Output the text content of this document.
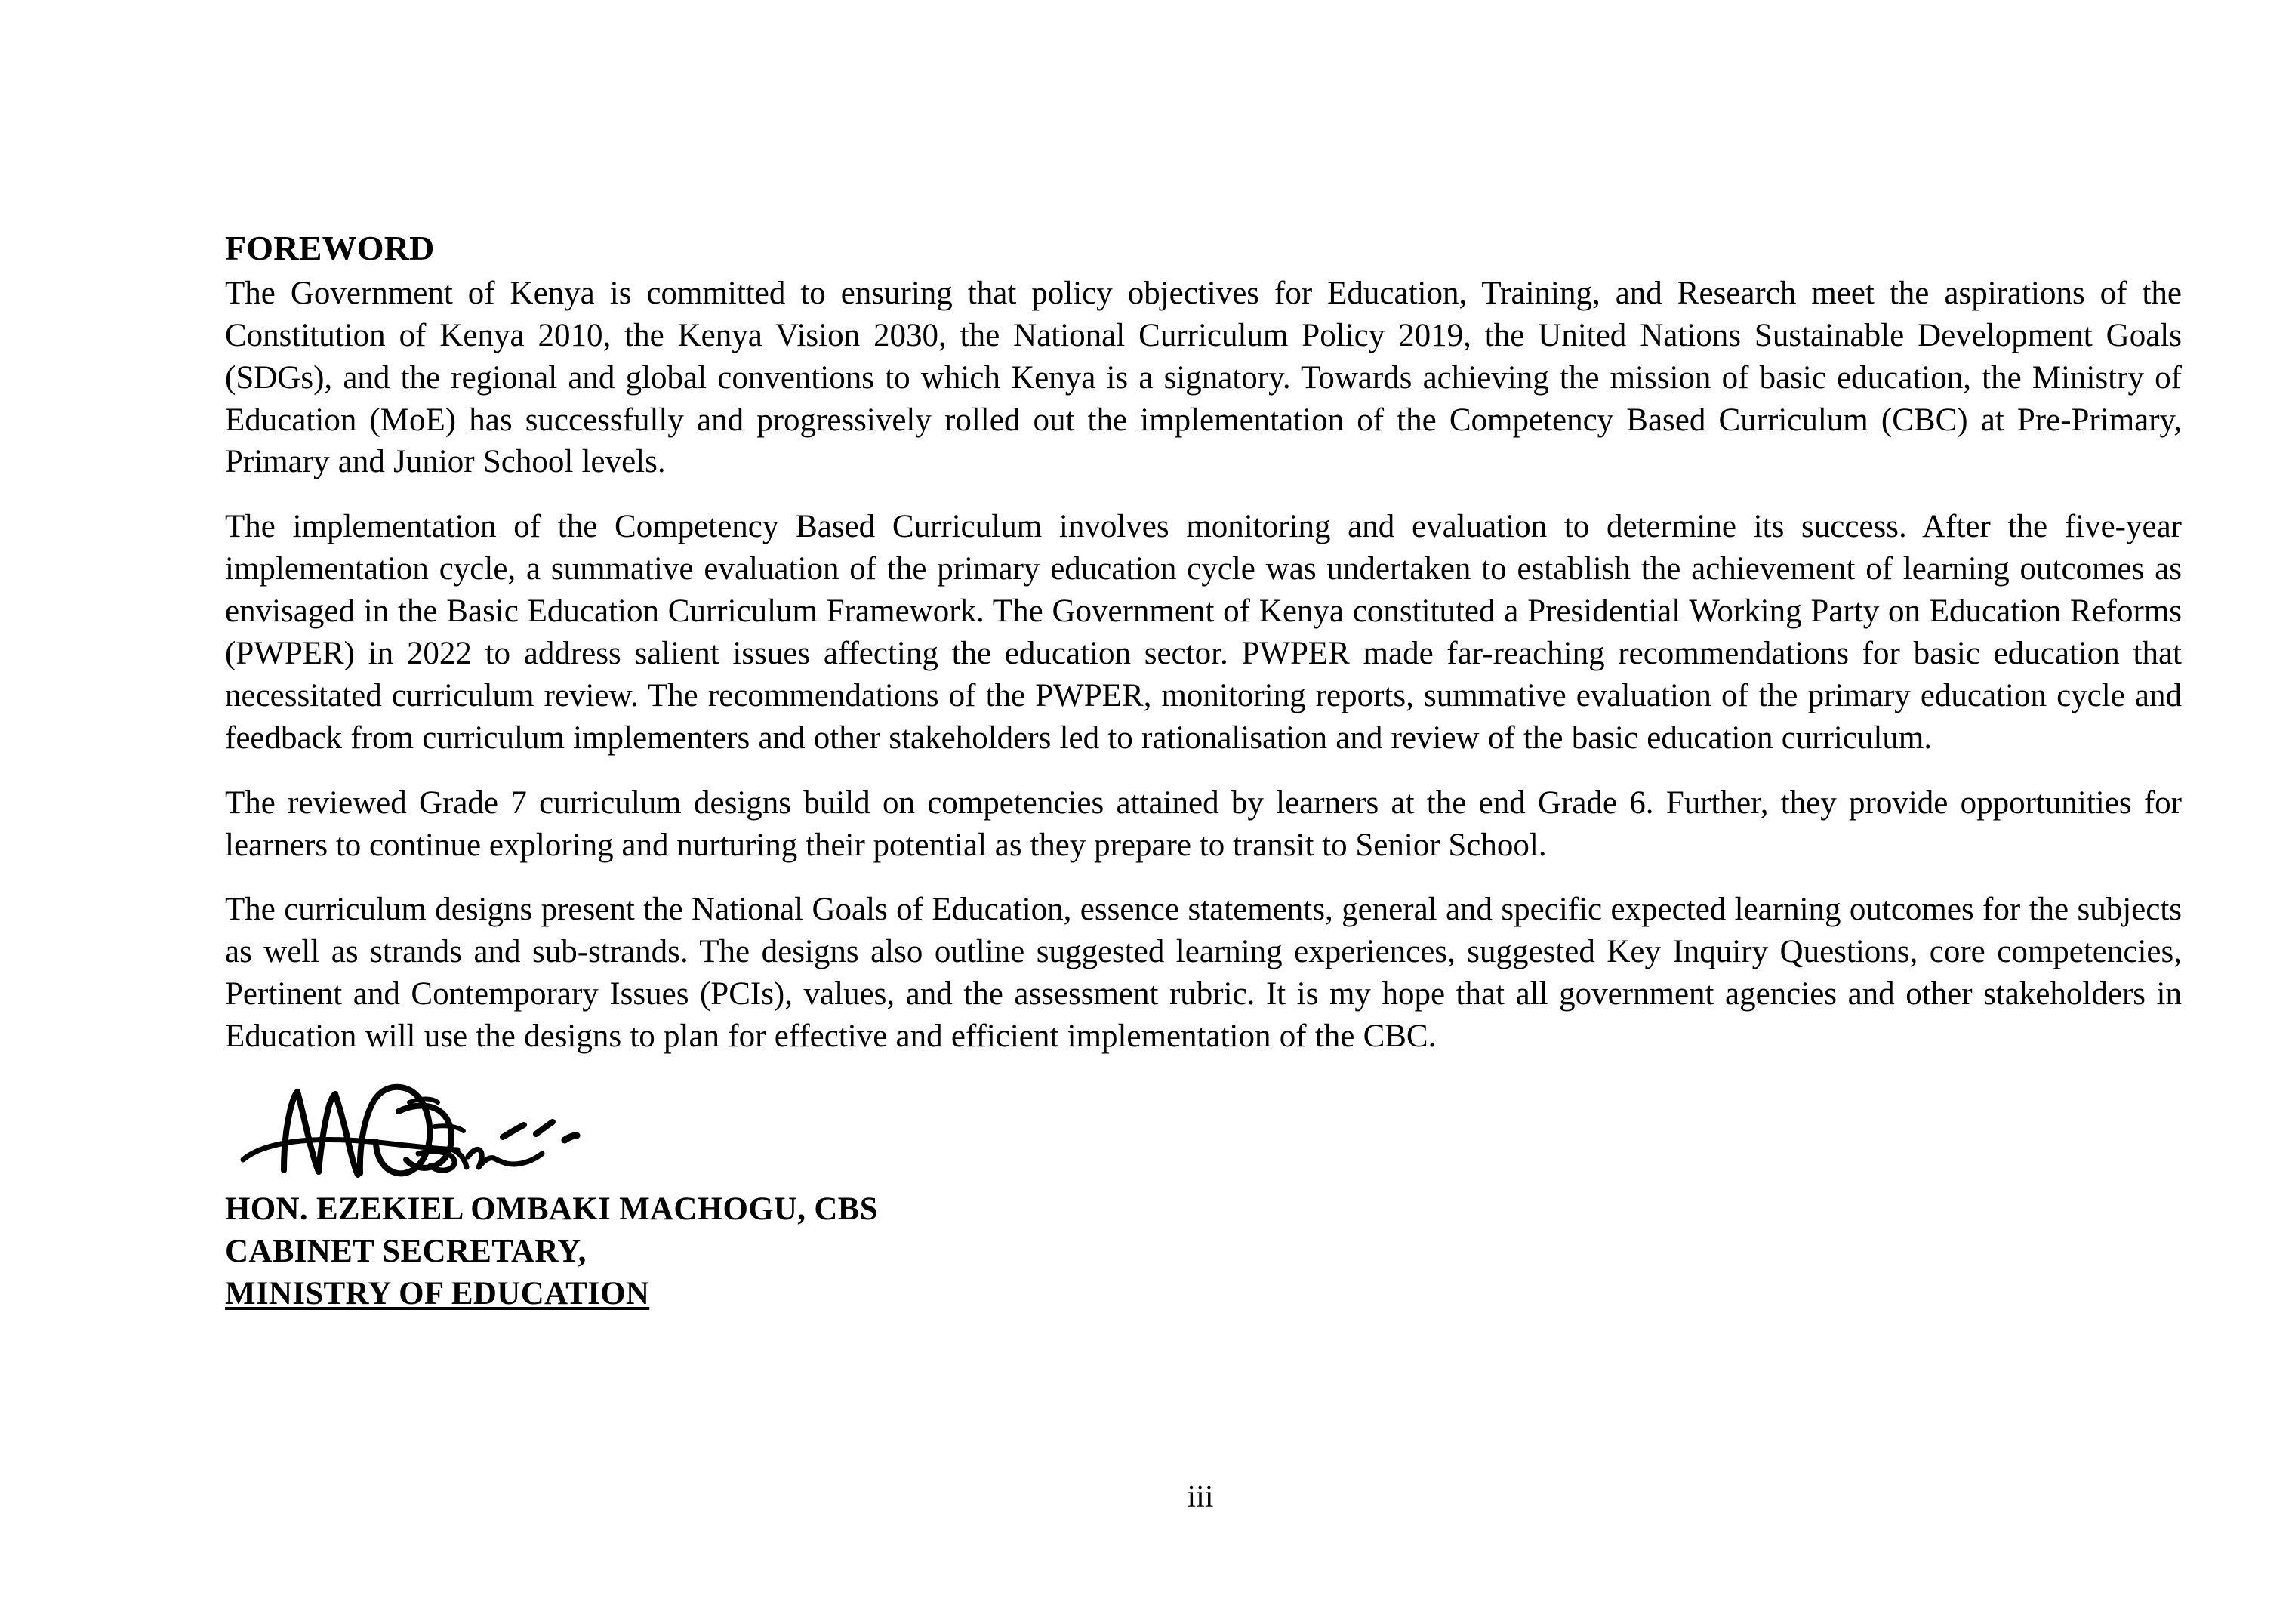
FOREWORD

The Government of Kenya is committed to ensuring that policy objectives for Education, Training, and Research meet the aspirations of the Constitution of Kenya 2010, the Kenya Vision 2030, the National Curriculum Policy 2019, the United Nations Sustainable Development Goals (SDGs), and the regional and global conventions to which Kenya is a signatory. Towards achieving the mission of basic education, the Ministry of Education (MoE) has successfully and progressively rolled out the implementation of the Competency Based Curriculum (CBC) at Pre-Primary, Primary and Junior School levels.

The implementation of the Competency Based Curriculum involves monitoring and evaluation to determine its success. After the five-year implementation cycle, a summative evaluation of the primary education cycle was undertaken to establish the achievement of learning outcomes as envisaged in the Basic Education Curriculum Framework. The Government of Kenya constituted a Presidential Working Party on Education Reforms (PWPER) in 2022 to address salient issues affecting the education sector. PWPER made far-reaching recommendations for basic education that necessitated curriculum review. The recommendations of the PWPER, monitoring reports, summative evaluation of the primary education cycle and feedback from curriculum implementers and other stakeholders led to rationalisation and review of the basic education curriculum.

The reviewed Grade 7 curriculum designs build on competencies attained by learners at the end Grade 6. Further, they provide opportunities for learners to continue exploring and nurturing their potential as they prepare to transit to Senior School.

The curriculum designs present the National Goals of Education, essence statements, general and specific expected learning outcomes for the subjects as well as strands and sub-strands. The designs also outline suggested learning experiences, suggested Key Inquiry Questions, core competencies, Pertinent and Contemporary Issues (PCIs), values, and the assessment rubric. It is my hope that all government agencies and other stakeholders in Education will use the designs to plan for effective and efficient implementation of the CBC.

HON. EZEKIEL OMBAKI MACHOGU, CBS
CABINET SECRETARY,
MINISTRY OF EDUCATION
iii
